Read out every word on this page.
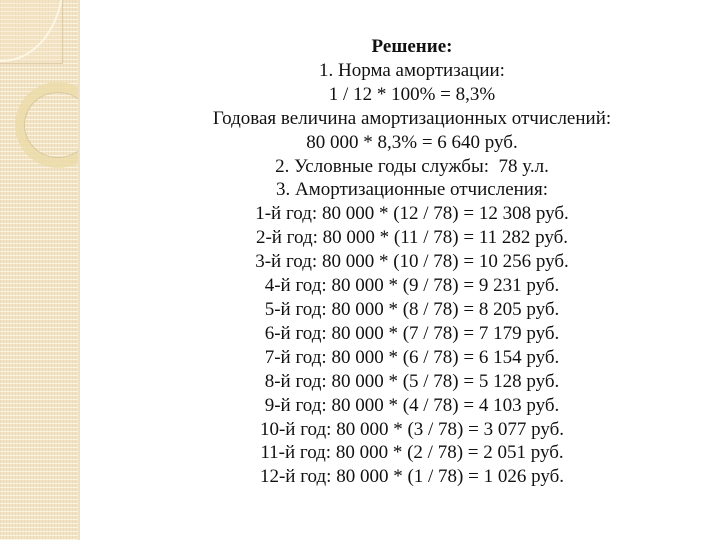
Решение:
1. Норма амортизации:
1 / 12 * 100% = 8,3%
Годовая величина амортизационных отчислений:
80 000 * 8,3% = 6 640 руб.
2. Условные годы службы:  78 у.л.
3. Амортизационные отчисления:
1-й год: 80 000 * (12 / 78) = 12 308 руб.
2-й год: 80 000 * (11 / 78) = 11 282 руб.
3-й год: 80 000 * (10 / 78) = 10 256 руб.
4-й год: 80 000 * (9 / 78) = 9 231 руб.
5-й год: 80 000 * (8 / 78) = 8 205 руб.
6-й год: 80 000 * (7 / 78) = 7 179 руб.
7-й год: 80 000 * (6 / 78) = 6 154 руб.
8-й год: 80 000 * (5 / 78) = 5 128 руб.
9-й год: 80 000 * (4 / 78) = 4 103 руб.
10-й год: 80 000 * (3 / 78) = 3 077 руб.
11-й год: 80 000 * (2 / 78) = 2 051 руб.
12-й год: 80 000 * (1 / 78) = 1 026 руб.
